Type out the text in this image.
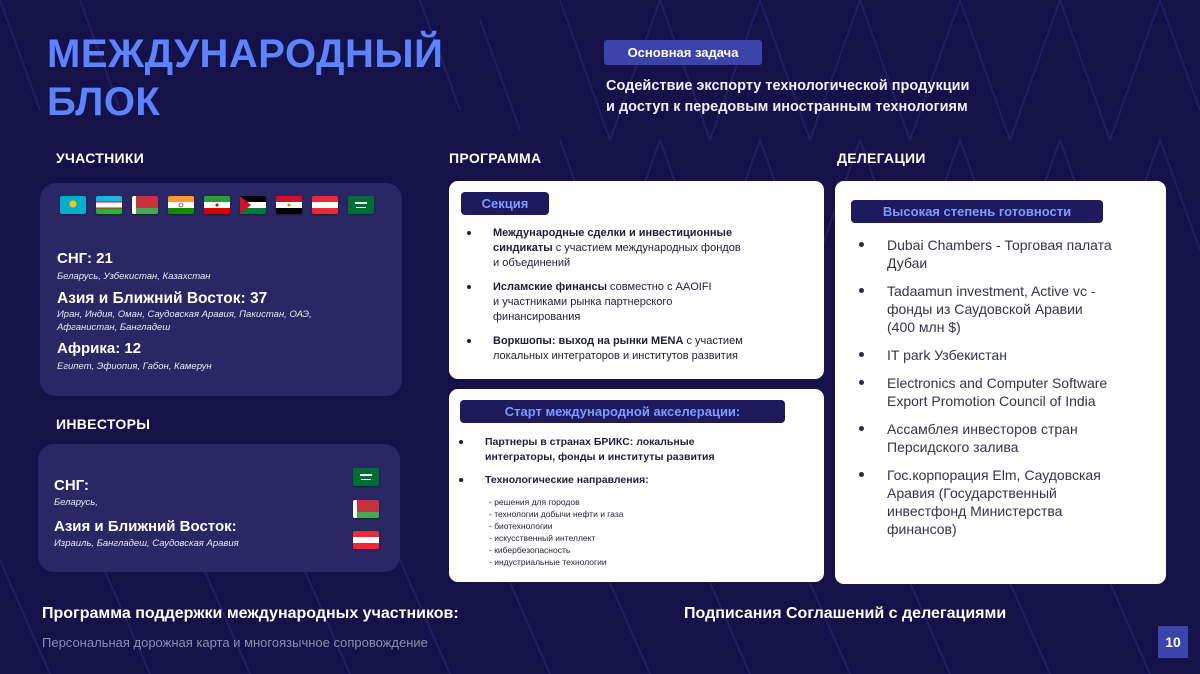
МЕЖДУНАРОДНЫЙ БЛОК
Основная задача
Содействие экспорту технологической продукции
и доступ к передовым иностранным технологиям
УЧАСТНИКИ	ПРОГРАММА	ДЕЛЕГАЦИИ
ИНВЕСТОРЫ
СНГ: 21
Беларусь, Узбекистан, Казахстан
Азия и Ближний Восток: 37
Иран, Индия, Оман, Саудовская Аравия, Пакистан, ОАЭ,
Афганистан, Бангладеш
Африка: 12
Египет, Эфиопия, Габон, Камерун
СНГ:
Беларусь,
Азия и Ближний Восток:
Израиль, Бангладеш, Саудовская Аравия
Секция
Международные сделки и инвестиционные
синдикаты с участием международных фондов
и объединений
Исламские финансы совместно с AAOIFI
и участниками рынка партнерского
финансирования
Воркшопы: выход на рынки MENA с участием
локальных интеграторов и институтов развития
Старт международной акселерации:
Партнеры в странах БРИКС: локальные
интеграторы, фонды и институты развития
Технологические направления:
- решения для городов
- технологии добычи нефти и газа
- биотехнологии
- искусственный интеллект
- кибербезопасность
- индустриальные технологии
Высокая степень готовности
Dubai Chambers - Торговая палата
Дубаи
Tadaamun investment, Active vc -
фонды из Саудовской Аравии
(400 млн $)
IT park Узбекистан
Electronics and Computer Software
Export Promotion Council of India
Ассамблея инвесторов стран
Персидского залива
Гос.корпорация Elm, Саудовская
Аравия (Государственный
инвестфонд Министерства
финансов)
Программа поддержки международных участников:
Персональная дорожная карта и многоязычное сопровождение
Подписания Соглашений с делегациями
10
